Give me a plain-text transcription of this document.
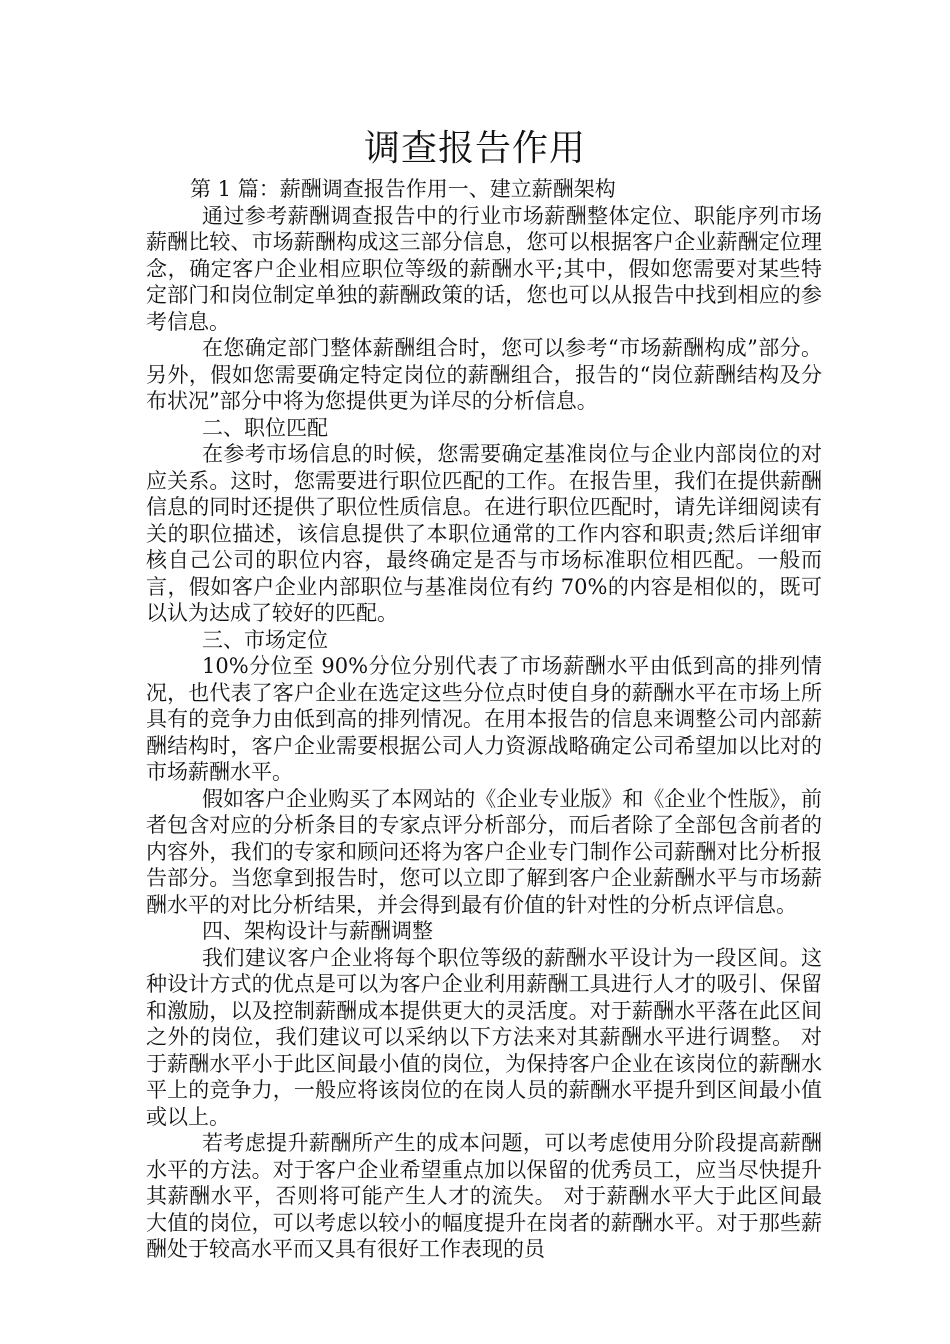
调查报告作用

第 1 篇：薪酬调查报告作用一、建立薪酬架构

通过参考薪酬调查报告中的行业市场薪酬整体定位、职能序列市场薪酬比较、市场薪酬构成这三部分信息，您可以根据客户企业薪酬定位理念，确定客户企业相应职位等级的薪酬水平;其中，假如您需要对某些特定部门和岗位制定单独的薪酬政策的话，您也可以从报告中找到相应的参考信息。

在您确定部门整体薪酬组合时，您可以参考“市场薪酬构成”部分。另外，假如您需要确定特定岗位的薪酬组合，报告的“岗位薪酬结构及分布状况”部分中将为您提供更为详尽的分析信息。

二、职位匹配

在参考市场信息的时候，您需要确定基准岗位与企业内部岗位的对应关系。这时，您需要进行职位匹配的工作。在报告里，我们在提供薪酬信息的同时还提供了职位性质信息。在进行职位匹配时，请先详细阅读有关的职位描述，该信息提供了本职位通常的工作内容和职责;然后详细审核自己公司的职位内容，最终确定是否与市场标准职位相匹配。一般而言，假如客户企业内部职位与基准岗位有约 70%的内容是相似的，既可以认为达成了较好的匹配。

三、市场定位

10%分位至 90%分位分别代表了市场薪酬水平由低到高的排列情况，也代表了客户企业在选定这些分位点时使自身的薪酬水平在市场上所具有的竞争力由低到高的排列情况。在用本报告的信息来调整公司内部薪酬结构时，客户企业需要根据公司人力资源战略确定公司希望加以比对的市场薪酬水平。

假如客户企业购买了本网站的《企业专业版》和《企业个性版》，前者包含对应的分析条目的专家点评分析部分，而后者除了全部包含前者的内容外，我们的专家和顾问还将为客户企业专门制作公司薪酬对比分析报告部分。当您拿到报告时，您可以立即了解到客户企业薪酬水平与市场薪酬水平的对比分析结果，并会得到最有价值的针对性的分析点评信息。

四、架构设计与薪酬调整

我们建议客户企业将每个职位等级的薪酬水平设计为一段区间。这种设计方式的优点是可以为客户企业利用薪酬工具进行人才的吸引、保留和激励，以及控制薪酬成本提供更大的灵活度。对于薪酬水平落在此区间之外的岗位，我们建议可以采纳以下方法来对其薪酬水平进行调整。 对于薪酬水平小于此区间最小值的岗位，为保持客户企业在该岗位的薪酬水平上的竞争力，一般应将该岗位的在岗人员的薪酬水平提升到区间最小值或以上。

若考虑提升薪酬所产生的成本问题，可以考虑使用分阶段提高薪酬水平的方法。对于客户企业希望重点加以保留的优秀员工，应当尽快提升其薪酬水平，否则将可能产生人才的流失。 对于薪酬水平大于此区间最大值的岗位，可以考虑以较小的幅度提升在岗者的薪酬水平。对于那些薪酬处于较高水平而又具有很好工作表现的员
